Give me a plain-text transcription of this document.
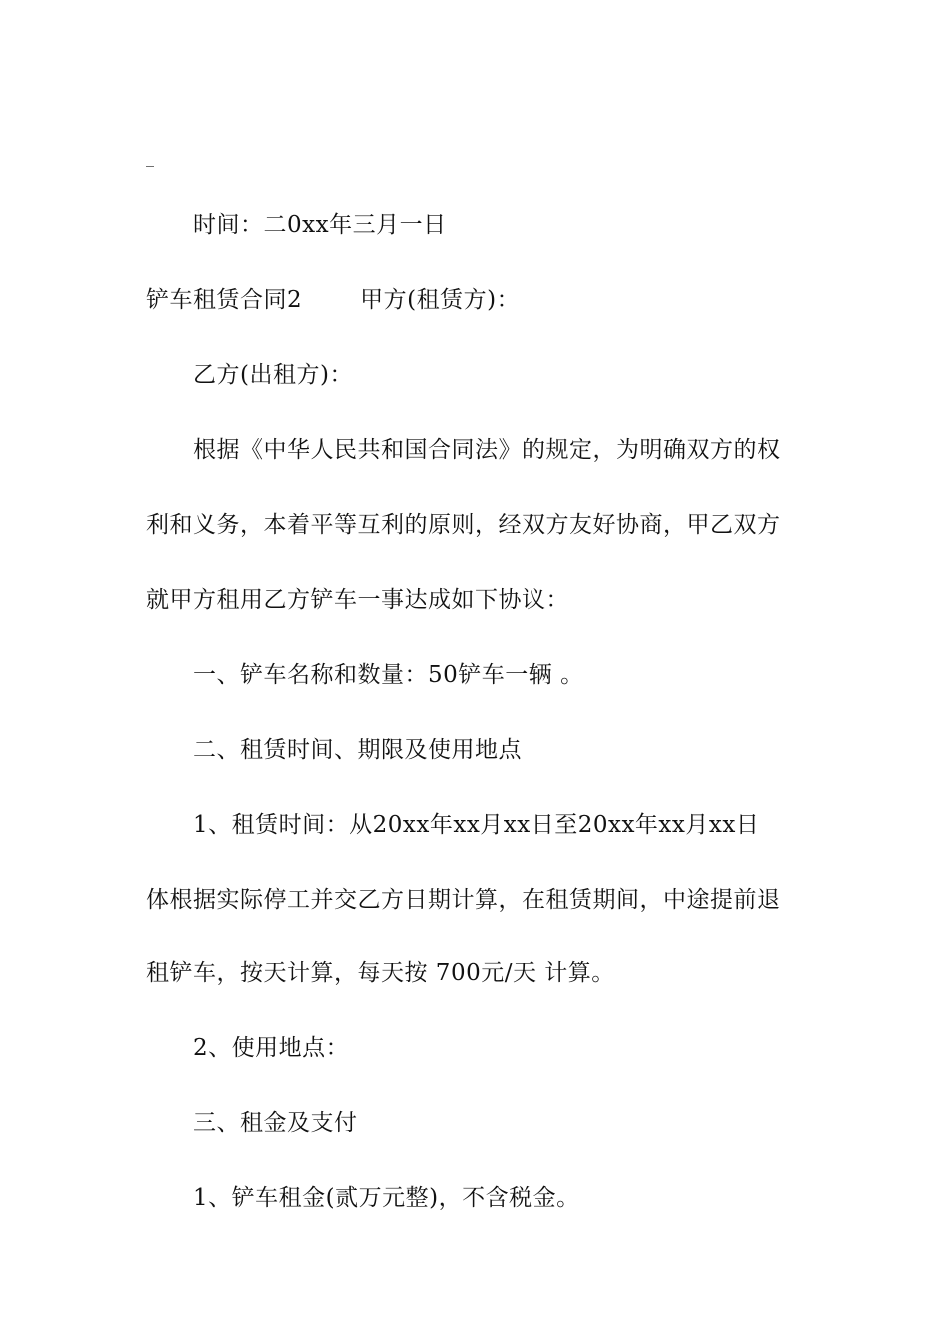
_
时间：二0xx年三月一日
铲车租赁合同2	甲方(租赁方)：
乙方(出租方)：
根据《中华人民共和国合同法》的规定，为明确双方的权
利和义务，本着平等互利的原则，经双方友好协商，甲乙双方
就甲方租用乙方铲车一事达成如下协议：
一、铲车名称和数量：50铲车一辆 。
二、租赁时间、期限及使用地点
1、租赁时间：从20xx年xx月xx日至20xx年xx月xx日
体根据实际停工并交乙方日期计算，在租赁期间，中途提前退
租铲车，按天计算，每天按 700元/天 计算。
2、使用地点：
三、租金及支付
1、铲车租金(贰万元整)，不含税金。
